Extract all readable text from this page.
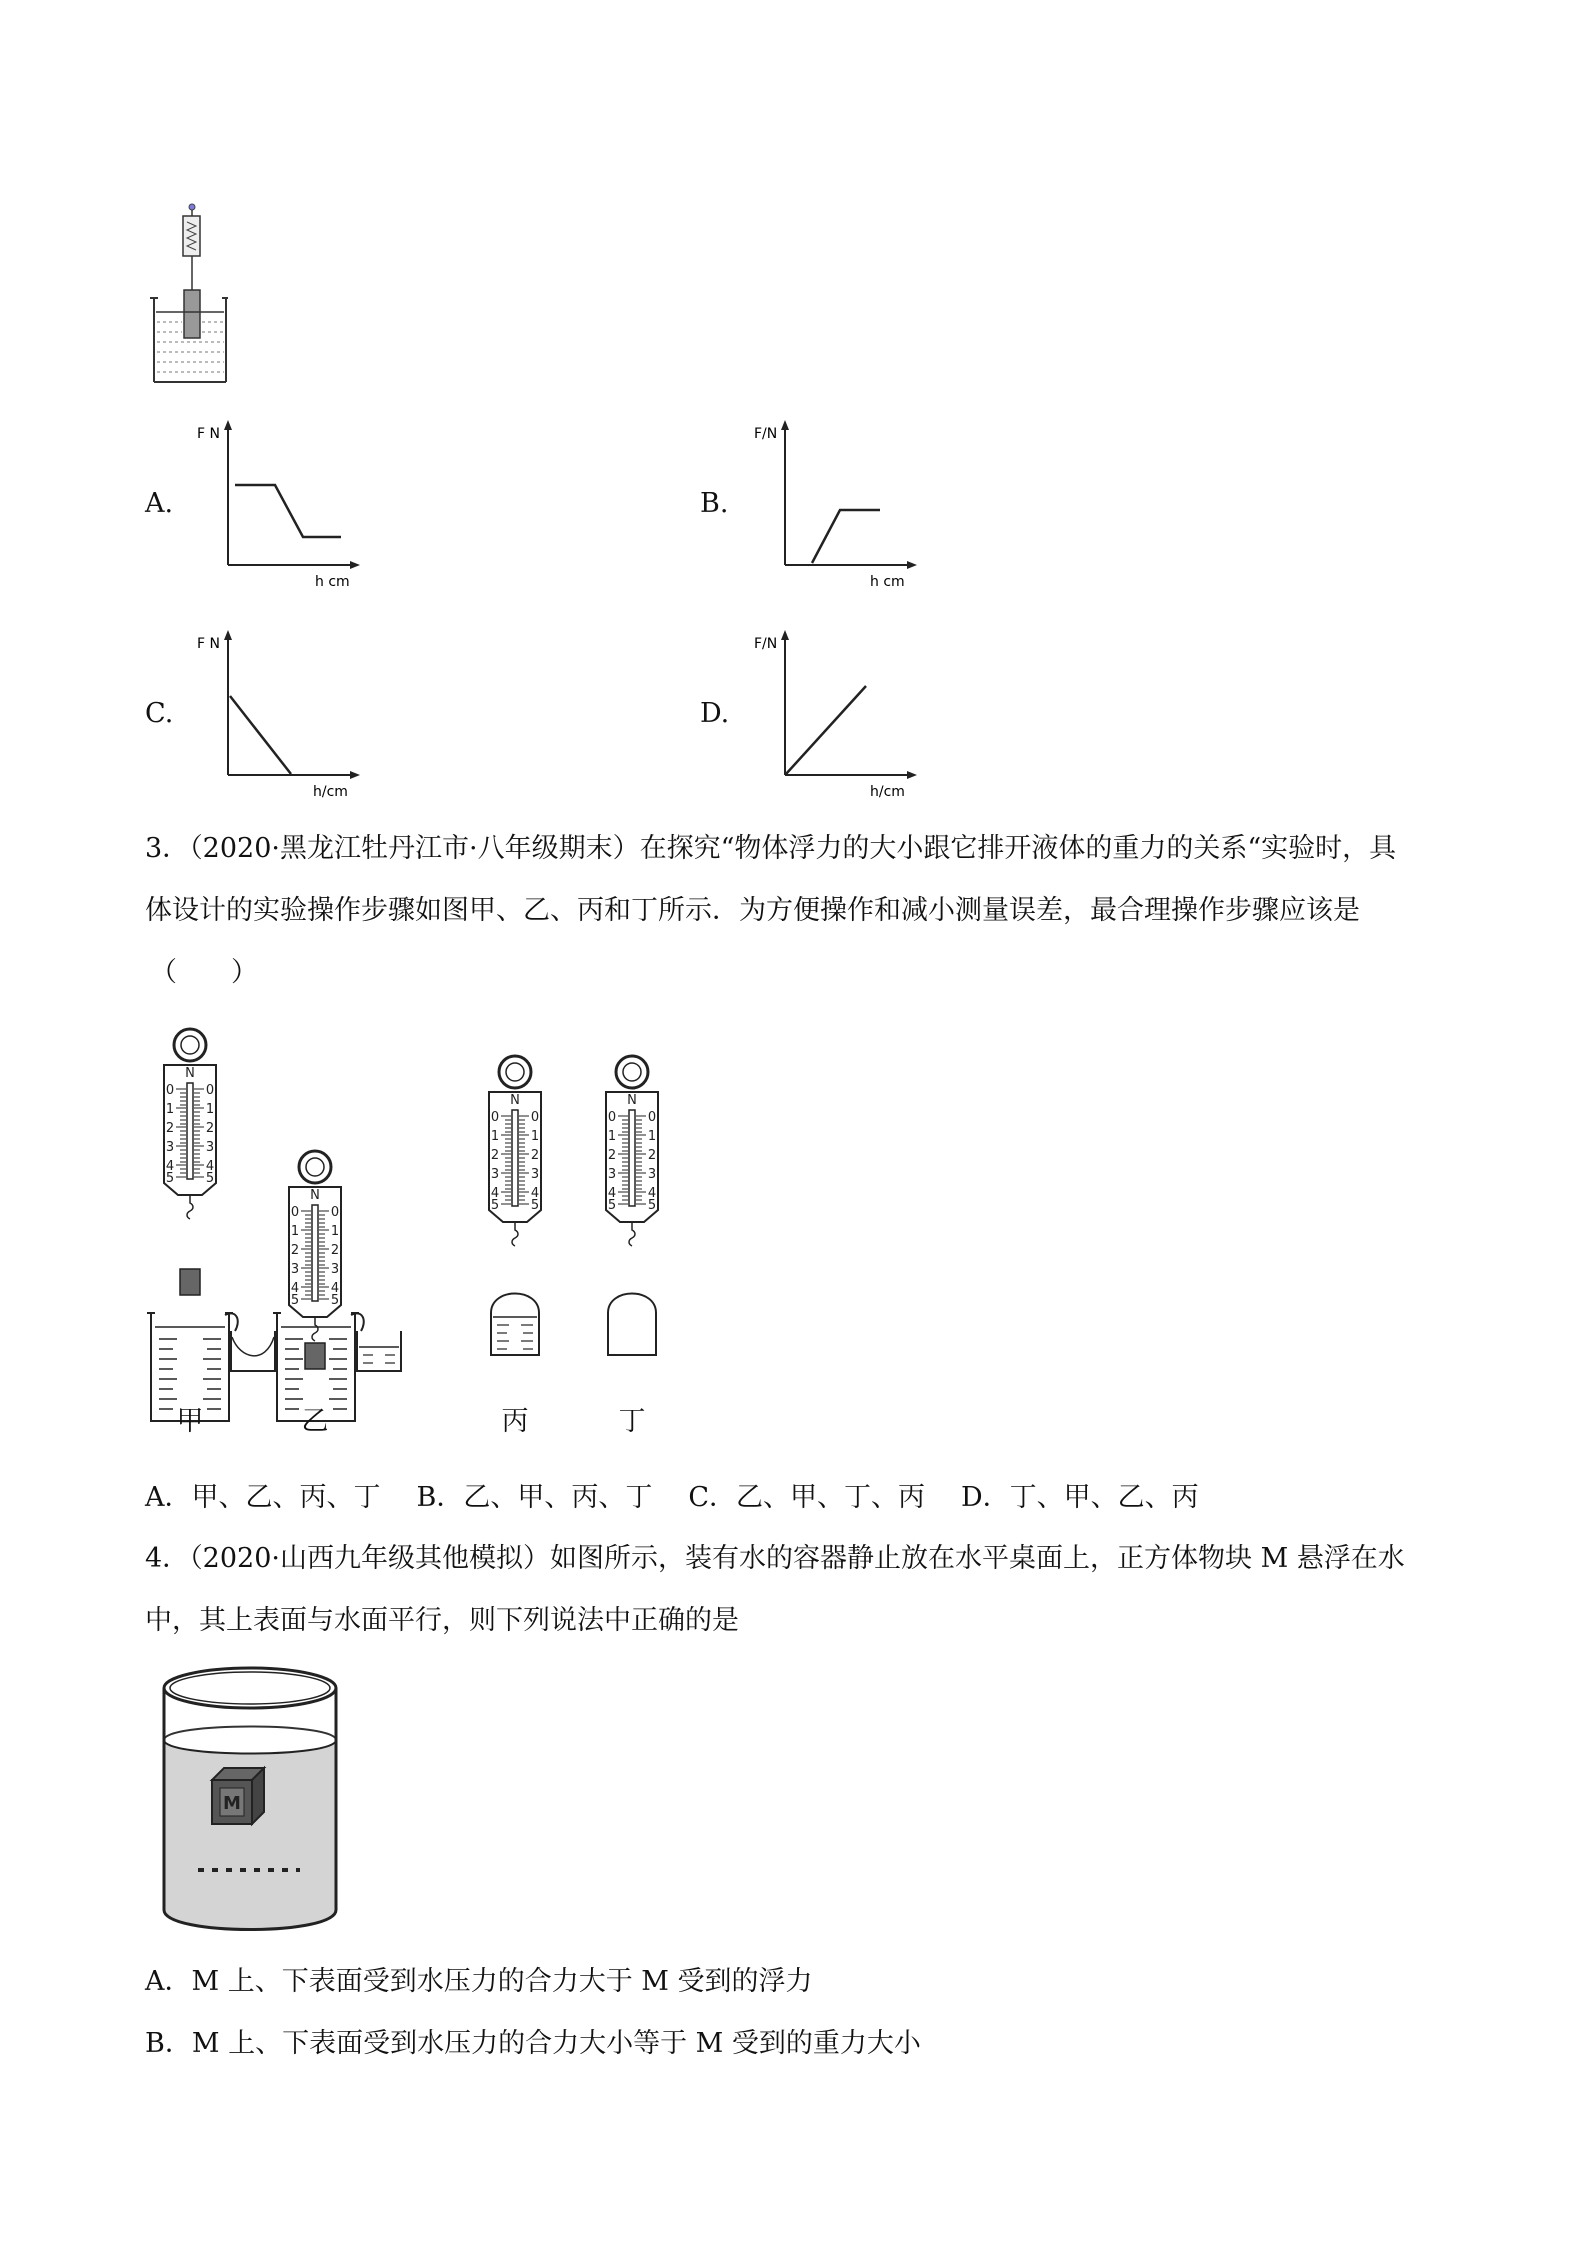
A.
F N
h cm
B.
F/N
h cm
C.
F N
h/cm
D.
F/N
h/cm
3．（2020·黑龙江牡丹江市·八年级期末）在探究“物体浮力的大小跟它排开液体的重力的关系“实验时，具
体设计的实验操作步骤如图甲、乙、丙和丁所示．为方便操作和减小测量误差，最合理操作步骤应该是
（　　）
N
N
N	N
0 0
1 1
2 2
3 3
4 4
5 5
0 0
1 1
2 2
3 3
4 4
5 5
0 0
1 1
2 2
3 3
4 4
5 5
0 0
1 1
2 2
3 3
4 4
5 5
甲	乙	丙	丁
A．甲、乙、丙、丁 B．乙、甲、丙、丁 C．乙、甲、丁、丙 D．丁、甲、乙、丙
4．（2020·山西九年级其他模拟）如图所示，装有水的容器静止放在水平桌面上，正方体物块 M 悬浮在水
中，其上表面与水面平行，则下列说法中正确的是
M
A．M 上、下表面受到水压力的合力大于 M 受到的浮力
B．M 上、下表面受到水压力的合力大小等于 M 受到的重力大小
